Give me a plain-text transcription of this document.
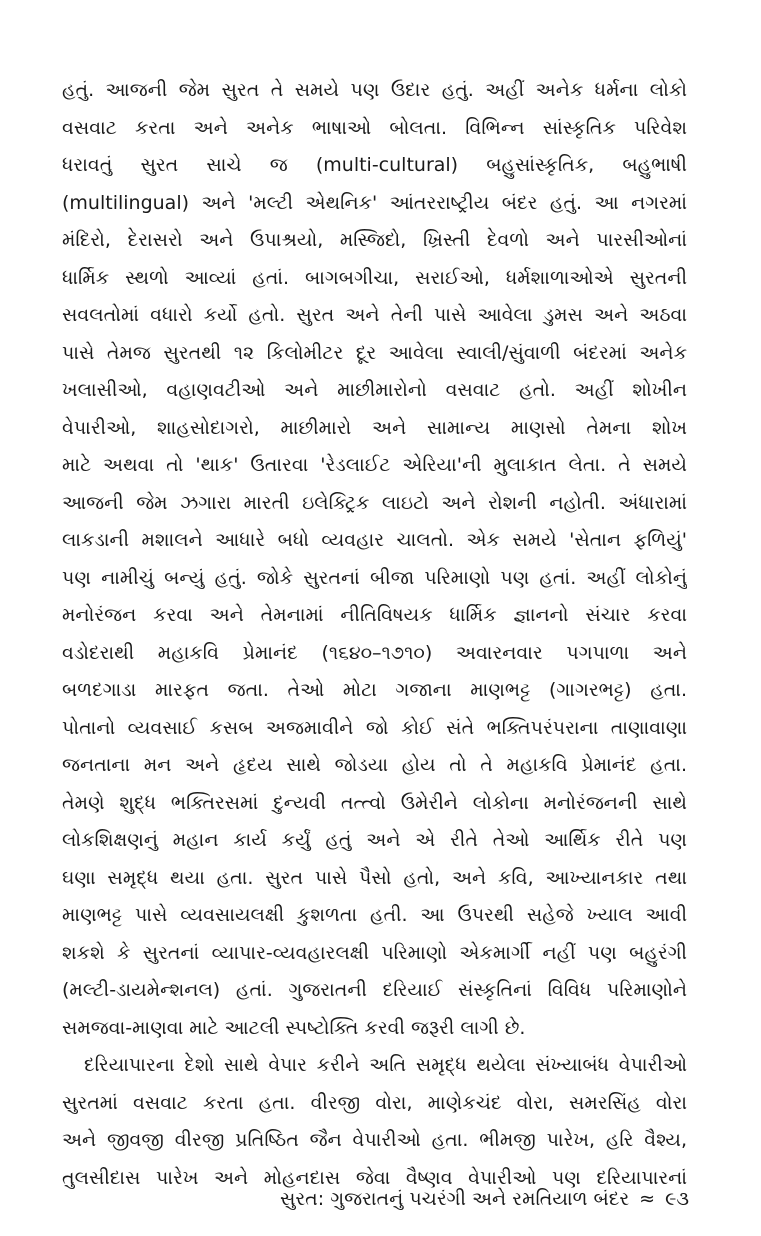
હતું. આજની જેમ સુરત તે સમયે પણ ઉદાર હતું. અહીં અનેક ધર્મના લોકો
વસવાટ કરતા અને અનેક ભાષાઓ બોલતા. વિભિન્ન સાંસ્કૃતિક પરિવેશ
ધરાવતું સુરત સાચે જ (multi-cultural) બહુસાંસ્કૃતિક, બહુભાષી
(multilingual) અને 'મલ્ટી એથનિક' આંતરરાષ્ટ્રીય બંદર હતું. આ નગરમાં
મંદિરો, દેરાસરો અને ઉપાશ્રયો, મસ્જિદો, ખ્રિસ્તી દેવળો અને પારસીઓનાં
ધાર્મિક સ્થળો આવ્યાં હતાં. બાગબગીચા, સરાઈઓ, ધર્મશાળાઓએ સુરતની
સવલતોમાં વધારો કર્યો હતો. સુરત અને તેની પાસે આવેલા ડુમસ અને અઠવા
પાસે તેમજ સુરતથી ૧૨ કિલોમીટર દૂર આવેલા સ્વાલી/સુંવાળી બંદરમાં અનેક
ખલાસીઓ, વહાણવટીઓ અને માછીમારોનો વસવાટ હતો. અહીં શોખીન
વેપારીઓ, શાહસોદાગરો, માછીમારો અને સામાન્ય માણસો તેમના શોખ
માટે અથવા તો 'થાક' ઉતારવા 'રેડલાઈટ એરિયા'ની મુલાકાત લેતા. તે સમયે
આજની જેમ ઝગારા મારતી ઇલેક્ટ્રિક લાઇટો અને રોશની નહોતી. અંધારામાં
લાકડાની મશાલને આધારે બધો વ્યવહાર ચાલતો. એક સમયે 'સેતાન ફળિયું'
પણ નામીચું બન્યું હતું. જોકે સુરતનાં બીજા પરિમાણો પણ હતાં. અહીં લોકોનું
મનોરંજન કરવા અને તેમનામાં નીતિવિષયક ધાર્મિક જ્ઞાનનો સંચાર કરવા
વડોદરાથી મહાકવિ પ્રેમાનંદ (૧૬૪૦–૧૭૧૦) અવારનવાર પગપાળા અને
બળદગાડા મારફત જતા. તેઓ મોટા ગજાના માણભટ્ટ (ગાગરભટ્ટ) હતા.
પોતાનો વ્યવસાઈ કસબ અજમાવીને જો કોઈ સંતે ભક્તિપરંપરાના તાણાવાણા
જનતાના મન અને હૃદય સાથે જોડયા હોય તો તે મહાકવિ પ્રેમાનંદ હતા.
તેમણે શુદ્ધ ભક્તિરસમાં દુન્યવી તત્ત્વો ઉમેરીને લોકોના મનોરંજનની સાથે
લોકશિક્ષણનું મહાન કાર્ય કર્યું હતું અને એ રીતે તેઓ આર્થિક રીતે પણ
ઘણા સમૃદ્ધ થયા હતા. સુરત પાસે પૈસો હતો, અને કવિ, આખ્યાનકાર તથા
માણભટ્ટ પાસે વ્યવસાયલક્ષી કુશળતા હતી. આ ઉપરથી સહેજે ખ્યાલ આવી
શકશે કે સુરતનાં વ્યાપાર-વ્યવહારલક્ષી પરિમાણો એકમાર્ગી નહીં પણ બહુરંગી
(મલ્ટી-ડાયમેન્શનલ) હતાં. ગુજરાતની દરિયાઈ સંસ્કૃતિનાં વિવિધ પરિમાણોને
સમજવા-માણવા માટે આટલી સ્પષ્ટોક્તિ કરવી જરૂરી લાગી છે.

દરિયાપારના દેશો સાથે વેપાર કરીને અતિ સમૃદ્ધ થયેલા સંખ્યાબંધ વેપારીઓ
સુરતમાં વસવાટ કરતા હતા. વીરજી વોરા, માણેકચંદ વોરા, સમરસિંહ વોરા
અને જીવજી વીરજી પ્રતિષ્ઠિત જૈન વેપારીઓ હતા. ભીમજી પારેખ, હરિ વૈશ્ય,
તુલસીદાસ પારેખ અને મોહનદાસ જેવા વૈષ્ણવ વેપારીઓ પણ દરિયાપારનાં

સુરત: ગુજરાતનું પચરંગી અને રમતિયાળ બંદર ≈ ૯૩
